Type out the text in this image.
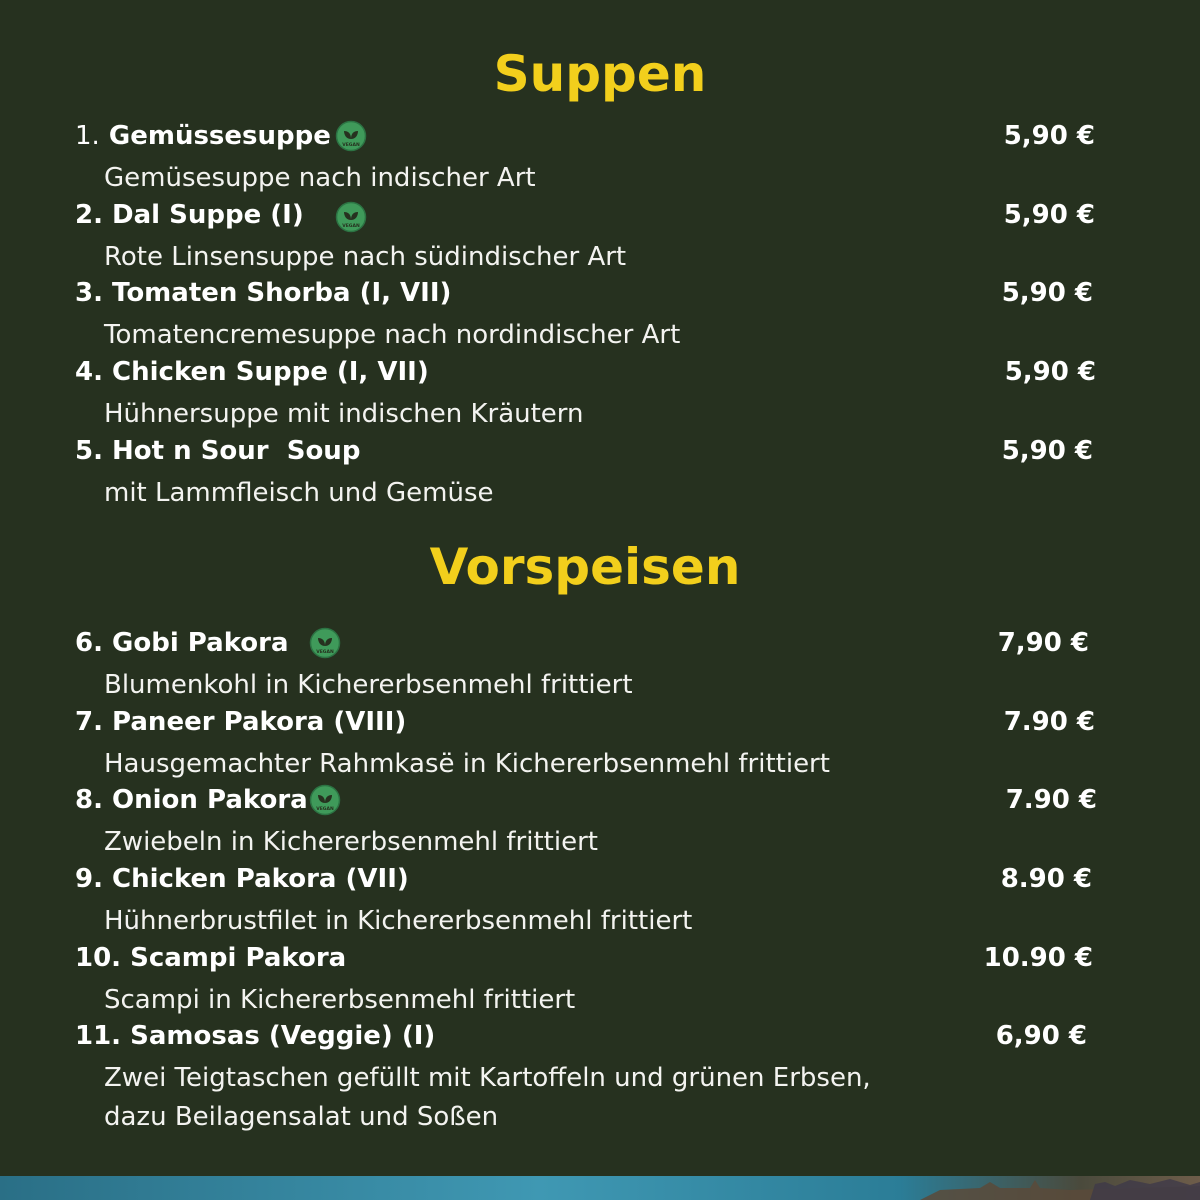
Suppen
1. Gemüssesuppe	VEGAN	5,90 €
Gemüsesuppe nach indischer Art
2. Dal Suppe (I)	VEGAN	5,90 €
Rote Linsensuppe nach südindischer Art
3. Tomaten Shorba (I, VII)	5,90 €
Tomatencremesuppe nach nordindischer Art
4. Chicken Suppe (I, VII)	5,90 €
Hühnersuppe mit indischen Kräutern
5. Hot n Sour  Soup	5,90 €
mit Lammfleisch und Gemüse
Vorspeisen
6. Gobi Pakora	VEGAN	7,90 €
Blumenkohl in Kichererbsenmehl frittiert
7. Paneer Pakora (VIII)	7.90 €
Hausgemachter Rahmkasë in Kichererbsenmehl frittiert
8. Onion Pakora VEGAN	7.90 €
Zwiebeln in Kichererbsenmehl frittiert
9. Chicken Pakora (VII)	8.90 €
Hühnerbrustfilet in Kichererbsenmehl frittiert
10. Scampi Pakora	10.90 €
Scampi in Kichererbsenmehl frittiert
11. Samosas (Veggie) (I)	6,90 €
Zwei Teigtaschen gefüllt mit Kartoffeln und grünen Erbsen,
dazu Beilagensalat und Soßen
